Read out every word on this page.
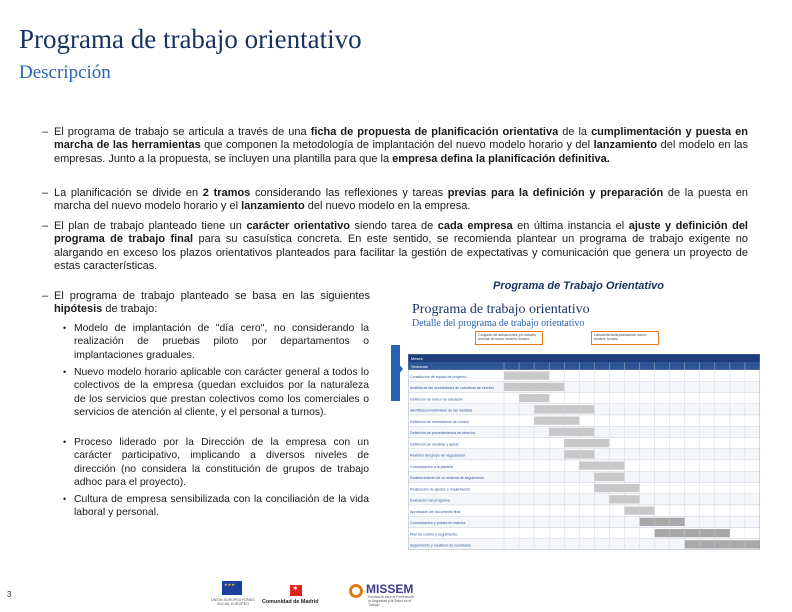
Programa de trabajo orientativo
Descripción
– El programa de trabajo se articula a través de una ficha de propuesta de planificación orientativa de la cumplimentación y puesta en marcha de las herramientas que componen la metodología de implantación del nuevo modelo horario y del lanzamiento del modelo en las empresas. Junto a la propuesta, se incluyen una plantilla para que la empresa defina la planificación definitiva.
– La planificación se divide en 2 tramos considerando las reflexiones y tareas previas para la definición y preparación de la puesta en marcha del nuevo modelo horario y el lanzamiento del nuevo modelo en la empresa.
– El plan de trabajo planteado tiene un carácter orientativo siendo tarea de cada empresa en última instancia el ajuste y definición del programa de trabajo final para su casuística concreta. En este sentido, se recomienda plantear un programa de trabajo exigente no alargando en exceso los plazos orientativos planteados para facilitar la gestión de expectativas y comunicación que genera un proyecto de estas características.
– El programa de trabajo planteado se basa en las siguientes hipótesis de trabajo:
• Modelo de implantación de "día cero", no considerando la realización de pruebas piloto por departamentos o implantaciones graduales.
• Nuevo modelo horario aplicable con carácter general a todos lo colectivos de la empresa (quedan excluidos por la naturaleza de los servicios que prestan colectivos como los comerciales o servicios de atención al cliente, y el personal a turnos).
• Proceso liderado por la Dirección de la empresa con un carácter participativo, implicando a diversos niveles de dirección (no considera la constitución de grupos de trabajo adhoc para el proyecto).
• Cultura de empresa sensibilizada con la conciliación de la vida laboral y personal.
Programa de Trabajo Orientativo
Programa de trabajo orientativo
Detalle del programa de trabajo orientativo
Conjunto de actuaciones y/o estudio previas al nuevo modelo horario
Lanzamiento/implantación nuevo modelo horario
Meses
Semanas
Constitución de equipo de proyecto
Análisis de las necesidades de colectivos de servicio
Definición de marco de actuación
Identificación/definición de las medidas
Definición de mecanismos de control
Definición de procedimientos de relación
Definición de medidas y ajuste
Revisión del grupo de negociación
Comunicación a la plantilla
Establecimiento de un sistema de seguimiento
Realización de ajustes e implantación
Evaluación del programa
Aprobación del documento final
Comunicación y puesta en marcha
Plan de control y seguimiento
Seguimiento y medición de resultados
3
★ ★ ★
UNIÓN EUROPEA FONDO SOCIAL EUROPEO
✶	Comunidad de Madrid
MISSEM
Fundación para el Fomento de la Seguridad y la Salud en el Trabajo
